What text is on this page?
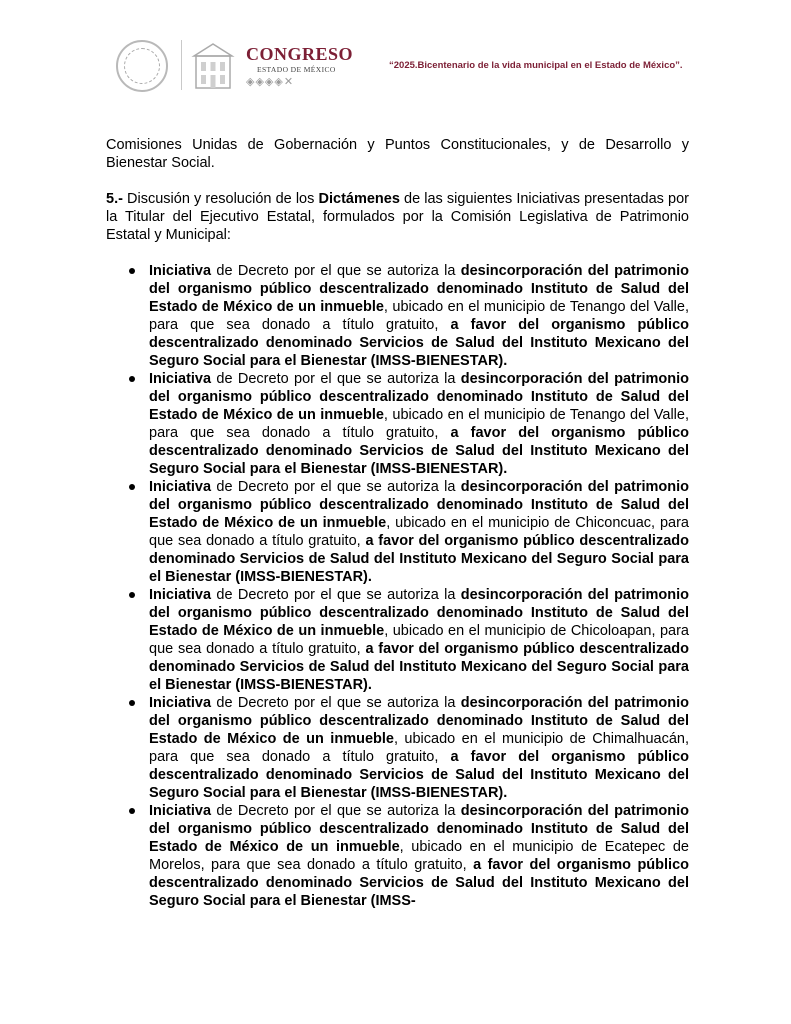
CONGRESO
ESTADO DE MÉXICO
◈◈◈◈✕
“2025.Bicentenario de la vida municipal en el Estado de México”.

Comisiones Unidas de Gobernación y Puntos Constitucionales, y de Desarrollo y Bienestar Social.

5.- Discusión y resolución de los Dictámenes de las siguientes Iniciativas presentadas por la Titular del Ejecutivo Estatal, formulados por la Comisión Legislativa de Patrimonio Estatal y Municipal:

Iniciativa de Decreto por el que se autoriza la desincorporación del patrimonio del organismo público descentralizado denominado Instituto de Salud del Estado de México de un inmueble, ubicado en el municipio de Tenango del Valle, para que sea donado a título gratuito, a favor del organismo público descentralizado denominado Servicios de Salud del Instituto Mexicano del Seguro Social para el Bienestar (IMSS-BIENESTAR).
Iniciativa de Decreto por el que se autoriza la desincorporación del patrimonio del organismo público descentralizado denominado Instituto de Salud del Estado de México de un inmueble, ubicado en el municipio de Tenango del Valle, para que sea donado a título gratuito, a favor del organismo público descentralizado denominado Servicios de Salud del Instituto Mexicano del Seguro Social para el Bienestar (IMSS-BIENESTAR).
Iniciativa de Decreto por el que se autoriza la desincorporación del patrimonio del organismo público descentralizado denominado Instituto de Salud del Estado de México de un inmueble, ubicado en el municipio de Chiconcuac, para que sea donado a título gratuito, a favor del organismo público descentralizado denominado Servicios de Salud del Instituto Mexicano del Seguro Social para el Bienestar (IMSS-BIENESTAR).
Iniciativa de Decreto por el que se autoriza la desincorporación del patrimonio del organismo público descentralizado denominado Instituto de Salud del Estado de México de un inmueble, ubicado en el municipio de Chicoloapan, para que sea donado a título gratuito, a favor del organismo público descentralizado denominado Servicios de Salud del Instituto Mexicano del Seguro Social para el Bienestar (IMSS-BIENESTAR).
Iniciativa de Decreto por el que se autoriza la desincorporación del patrimonio del organismo público descentralizado denominado Instituto de Salud del Estado de México de un inmueble, ubicado en el municipio de Chimalhuacán, para que sea donado a título gratuito, a favor del organismo público descentralizado denominado Servicios de Salud del Instituto Mexicano del Seguro Social para el Bienestar (IMSS-BIENESTAR).
Iniciativa de Decreto por el que se autoriza la desincorporación del patrimonio del organismo público descentralizado denominado Instituto de Salud del Estado de México de un inmueble, ubicado en el municipio de Ecatepec de Morelos, para que sea donado a título gratuito, a favor del organismo público descentralizado denominado Servicios de Salud del Instituto Mexicano del Seguro Social para el Bienestar (IMSS-
